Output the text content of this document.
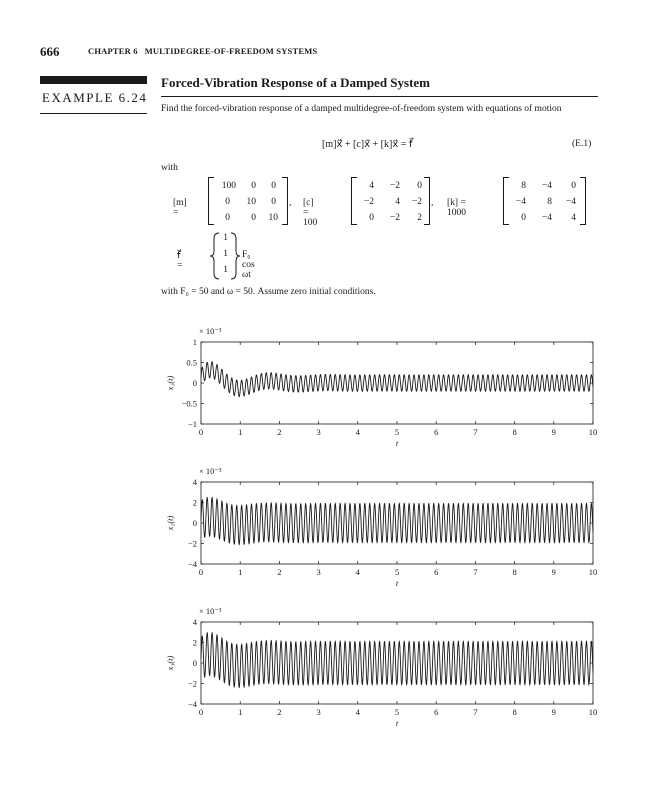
666	CHAPTER 6   MULTIDEGREE-OF-FREEDOM SYSTEMS
EXAMPLE 6.24
Forced-Vibration Response of a Damped System
Find the forced-vibration response of a damped multidegree-of-freedom system with equations of motion
[m]ẍ⃗ + [c]ẋ⃗ + [k]x⃗ = f⃗	(E.1)
with
[m] =
100	0	0
0	10	0
0	0	10
, [c] = 100
4	−2	0
−2	4	−2
0	−2	2
, [k] = 1000
8	−4	0
−4	8	−4
0	−4	4
f⃗ =
1
1
1
F₀ cos ωt
with F₀ = 50 and ω = 50. Assume zero initial conditions.
0	1	2	3	4	5	6	7	8	9	10
1
0.5
0
−0.5
−1
× 10⁻³
t
x₁(t)
0	1	2	3	4	5	6	7	8	9	10
4
2
0
−2
−4
× 10⁻³
t
x₂(t)
0	1	2	3	4	5	6	7	8	9	10
4
2
0
−2
−4
× 10⁻³
t
x₃(t)
